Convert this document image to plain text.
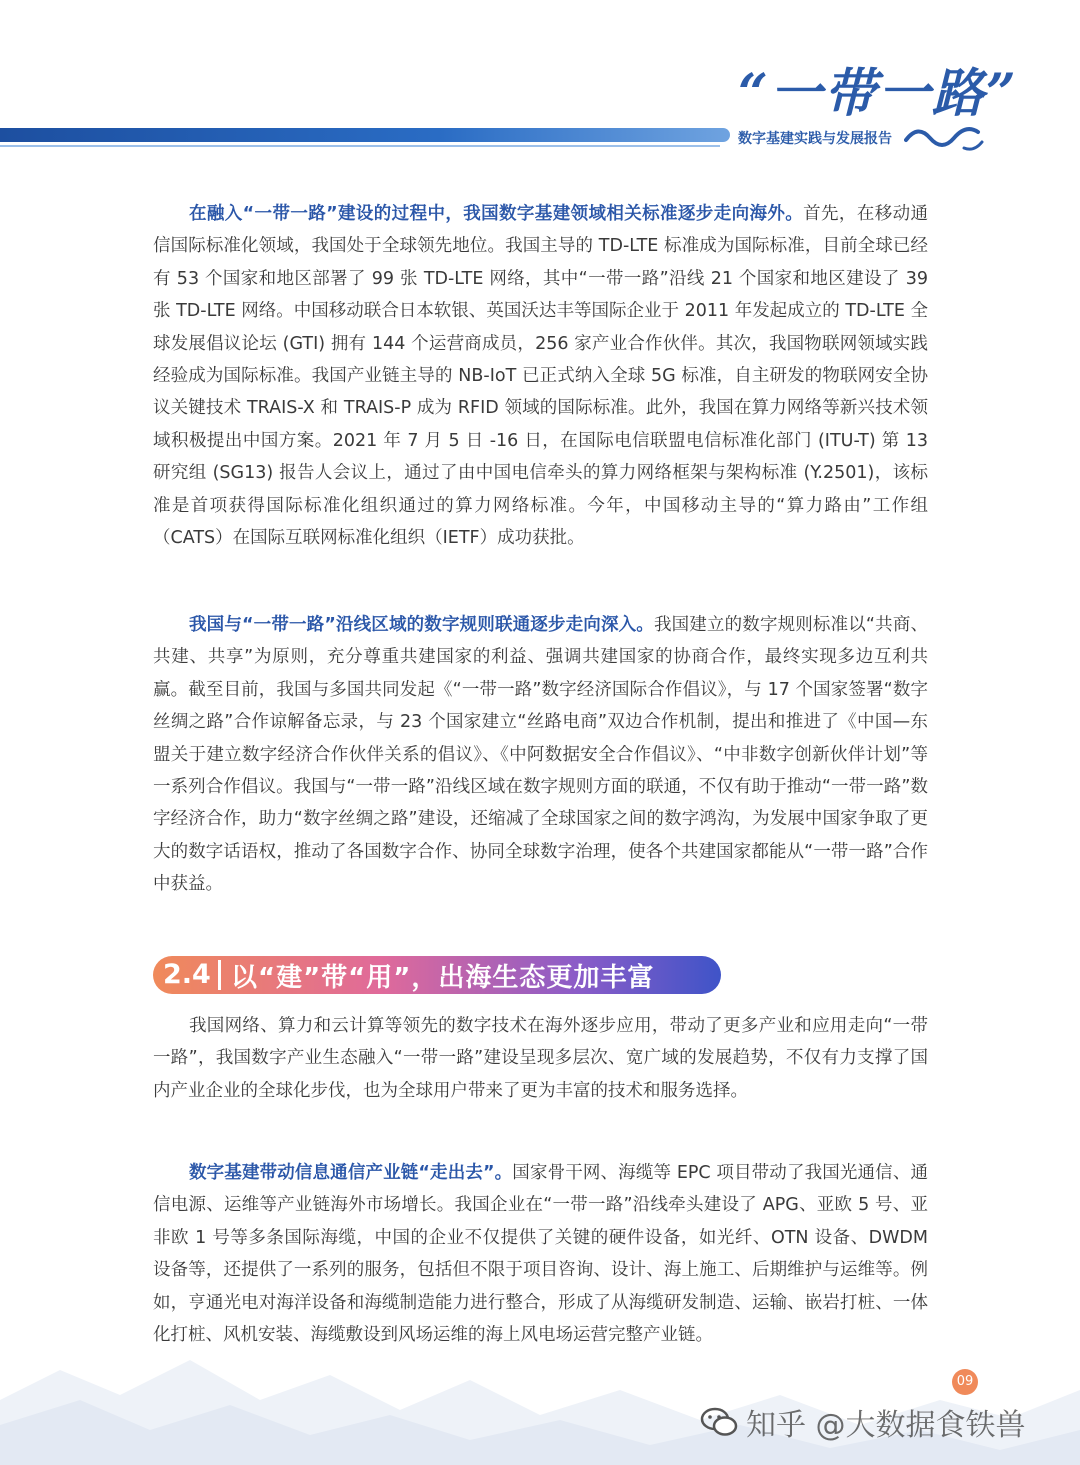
“一带一路”
数字基建实践与发展报告
在融入“一带一路”建设的过程中，我国数字基建领域相关标准逐步走向海外。首先，在移动通信国际标准化领域，我国处于全球领先地位。我国主导的 TD-LTE 标准成为国际标准，目前全球已经有 53 个国家和地区部署了 99 张 TD-LTE 网络，其中“一带一路”沿线 21 个国家和地区建设了 39 张 TD-LTE 网络。中国移动联合日本软银、英国沃达丰等国际企业于 2011 年发起成立的 TD-LTE 全球发展倡议论坛 (GTI) 拥有 144 个运营商成员，256 家产业合作伙伴。其次，我国物联网领域实践经验成为国际标准。我国产业链主导的 NB-IoT 已正式纳入全球 5G 标准，自主研发的物联网安全协议关键技术 TRAIS-X 和 TRAIS-P 成为 RFID 领域的国际标准。此外，我国在算力网络等新兴技术领域积极提出中国方案。2021 年 7 月 5 日 -16 日，在国际电信联盟电信标准化部门 (ITU-T) 第 13 研究组 (SG13) 报告人会议上，通过了由中国电信牵头的算力网络框架与架构标准 (Y.2501)，该标准是首项获得国际标准化组织通过的算力网络标准。今年，中国移动主导的“算力路由”工作组（CATS）在国际互联网标准化组织（IETF）成功获批。
我国与“一带一路”沿线区域的数字规则联通逐步走向深入。我国建立的数字规则标准以“共商、共建、共享”为原则，充分尊重共建国家的利益、强调共建国家的协商合作，最终实现多边互利共赢。截至目前，我国与多国共同发起《“一带一路”数字经济国际合作倡议》，与 17 个国家签署“数字丝绸之路”合作谅解备忘录，与 23 个国家建立“丝路电商”双边合作机制，提出和推进了《中国—东盟关于建立数字经济合作伙伴关系的倡议》、《中阿数据安全合作倡议》、“中非数字创新伙伴计划”等一系列合作倡议。我国与“一带一路”沿线区域在数字规则方面的联通，不仅有助于推动“一带一路”数字经济合作，助力“数字丝绸之路”建设，还缩减了全球国家之间的数字鸿沟，为发展中国家争取了更大的数字话语权，推动了各国数字合作、协同全球数字治理，使各个共建国家都能从“一带一路”合作中获益。
2.4 以“建”带“用”，出海生态更加丰富
我国网络、算力和云计算等领先的数字技术在海外逐步应用，带动了更多产业和应用走向“一带一路”，我国数字产业生态融入“一带一路”建设呈现多层次、宽广域的发展趋势，不仅有力支撑了国内产业企业的全球化步伐，也为全球用户带来了更为丰富的技术和服务选择。
数字基建带动信息通信产业链“走出去”。国家骨干网、海缆等 EPC 项目带动了我国光通信、通信电源、运维等产业链海外市场增长。我国企业在“一带一路”沿线牵头建设了 APG、亚欧 5 号、亚非欧 1 号等多条国际海缆，中国的企业不仅提供了关键的硬件设备，如光纤、OTN 设备、DWDM 设备等，还提供了一系列的服务，包括但不限于项目咨询、设计、海上施工、后期维护与运维等。例如，亨通光电对海洋设备和海缆制造能力进行整合，形成了从海缆研发制造、运输、嵌岩打桩、一体化打桩、风机安装、海缆敷设到风场运维的海上风电场运营完整产业链。
09
知乎 @大数据食铁兽
